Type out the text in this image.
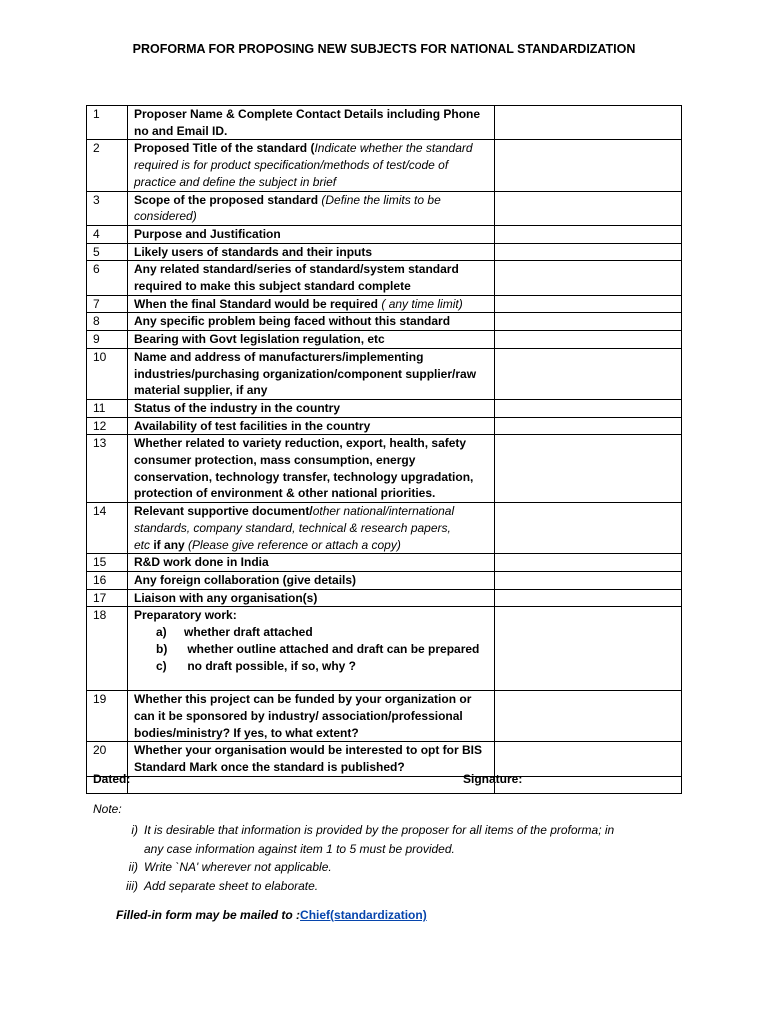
PROFORMA FOR PROPOSING NEW SUBJECTS FOR NATIONAL STANDARDIZATION
1	Proposer Name & Complete Contact Details including Phone
no and Email ID.	
2	Proposed Title of the standard (Indicate whether the standard
required is for product specification/methods of test/code of
practice and define the subject in brief	
3	Scope of the proposed standard (Define the limits to be
considered)	
4	Purpose and Justification	
5	Likely users of standards and their inputs	
6	Any related standard/series of standard/system standard
required to make this subject standard complete	
7	When the final Standard would be required ( any time limit)	
8	Any specific problem being faced without this standard	
9	Bearing with Govt legislation regulation, etc	
10	Name and address of manufacturers/implementing
industries/purchasing organization/component supplier/raw
material supplier, if any	
11	Status of the industry in the country	
12	Availability of test facilities in the country	
13	Whether related to variety reduction, export, health, safety
consumer protection, mass consumption, energy
conservation, technology transfer, technology upgradation,
protection of environment & other national priorities.	
14	Relevant supportive document/other national/international
standards, company standard, technical & research papers,
etc if any (Please give reference or attach a copy)	
15	R&D work done in India	
16	Any foreign collaboration (give details)	
17	Liaison with any organisation(s)	
18	Preparatory work:
a) whether draft attached
b) whether outline attached and draft can be prepared
c) no draft possible, if so, why ?	

19	Whether this project can be funded by your organization or
can it be sponsored by industry/ association/professional
bodies/ministry? If yes, to what extent?	
20	Whether your organisation would be interested to opt for BIS
Standard Mark once the standard is published?	

Dated:	Signature:
Note:
i) It is desirable that information is provided by the proposer for all items of the proforma; in
any case information against item 1 to 5 must be provided.
ii) Write `NA' wherever not applicable.
iii) Add separate sheet to elaborate.
Filled-in form may be mailed to :Chief(standardization)
